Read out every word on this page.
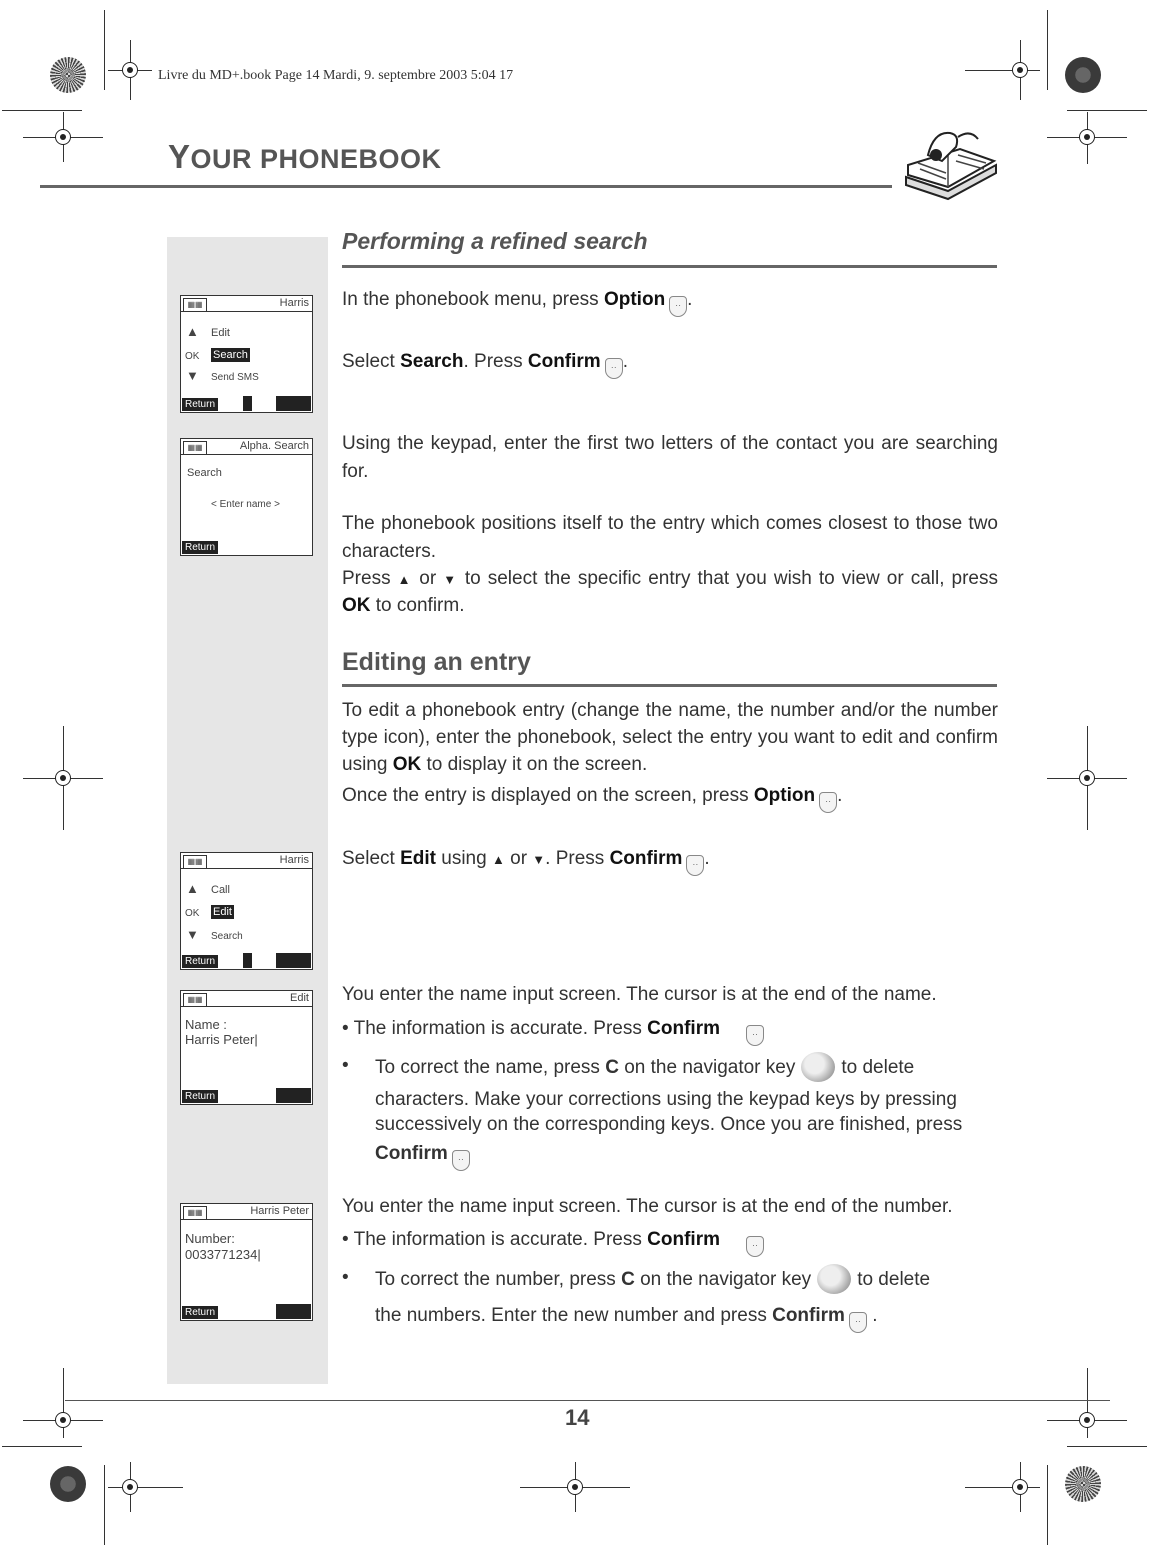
Livre du MD+.book Page 14 Mardi, 9. septembre 2003 5:04 17
YOUR PHONEBOOK
▦▦	Harris
▲ Edit
OK Search
▼ Send SMS
Return
▦▦	Alpha. Search
Search
< Enter name >
Return
▦▦	Harris
▲ Call
OK Edit
▼ Search
Return
▦▦	Edit
Name :
Harris Peter|
Return
▦▦	Harris Peter
Number:
0033771234|
Return
Performing a refined search
In the phonebook menu, press Option ·· .
Select Search. Press Confirm ·· .
Using the keypad, enter the first two letters of the contact you are searching for.
The phonebook positions itself to the entry which comes closest to those two characters.
Press ▲ or ▼ to select the specific entry that you wish to view or call, press OK to confirm.
Editing an entry
To edit a phonebook entry (change the name, the number and/or the number type icon), enter the phonebook, select the entry you want to edit and confirm using OK to display it on the screen.
Once the entry is displayed on the screen, press Option ·· .
Select Edit using ▲ or ▼. Press Confirm ·· .
You enter the name input screen. The cursor is at the end of the name.
• The information is accurate. Press Confirm	··
•	To correct the name, press C on the navigator key to delete
characters. Make your corrections using the keypad keys by pressing successively on the corresponding keys. Once you are finished, press
Confirm ··
You enter the name input screen. The cursor is at the end of the number.
• The information is accurate. Press Confirm	··
•	To correct the number, press C on the navigator key to delete
the numbers. Enter the new number and press Confirm ·· .
14
